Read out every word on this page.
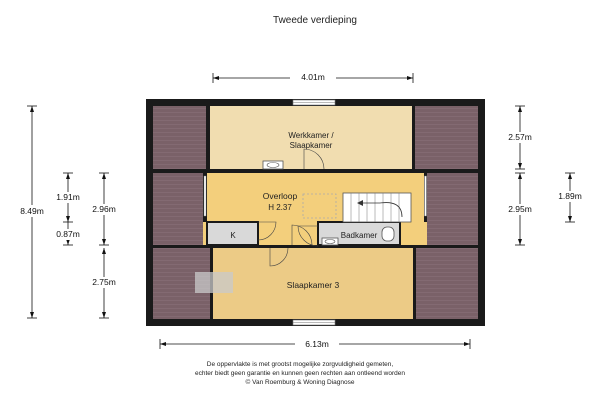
Tweede verdieping
Werkkamer /
Slaapkamer
Overloop
H 2.37
K	Badkamer
Slaapkamer 3
4.01m
6.13m
8.49m
1.91m
0.87m
2.96m
2.75m
2.57m
2.95m
1.89m
De oppervlakte is met grootst mogelijke zorgvuldigheid gemeten,
echter biedt geen garantie en kunnen geen rechten aan ontleend worden
© Van Roemburg & Woning Diagnose
